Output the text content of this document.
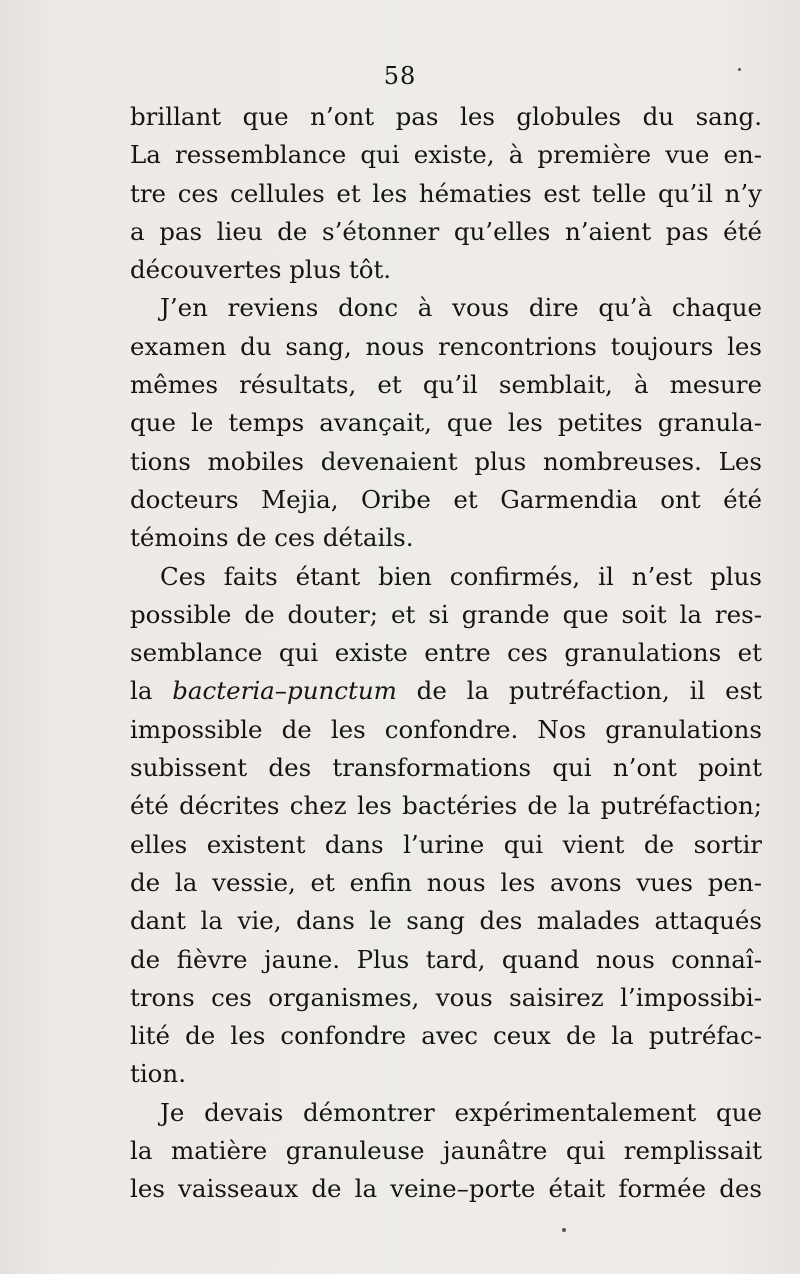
58
brillant que n’ont pas les globules du sang.
La ressemblance qui existe, à première vue en-
tre ces cellules et les hématies est telle qu’il n’y
a pas lieu de s’étonner qu’elles n’aient pas été
découvertes plus tôt.
J’en reviens donc à vous dire qu’à chaque
examen du sang, nous rencontrions toujours les
mêmes résultats, et qu’il semblait, à mesure
que le temps avançait, que les petites granula-
tions mobiles devenaient plus nombreuses. Les
docteurs Mejia, Oribe et Garmendia ont été
témoins de ces détails.
Ces faits étant bien confirmés, il n’est plus
possible de douter; et si grande que soit la res-
semblance qui existe entre ces granulations et
la bacteria–punctum de la putréfaction, il est
impossible de les confondre. Nos granulations
subissent des transformations qui n’ont point
été décrites chez les bactéries de la putréfaction;
elles existent dans l’urine qui vient de sortir
de la vessie, et enfin nous les avons vues pen-
dant la vie, dans le sang des malades attaqués
de fièvre jaune. Plus tard, quand nous connaî-
trons ces organismes, vous saisirez l’impossibi-
lité de les confondre avec ceux de la putréfac-
tion.
Je devais démontrer expérimentalement que
la matière granuleuse jaunâtre qui remplissait
les vaisseaux de la veine–porte était formée des
